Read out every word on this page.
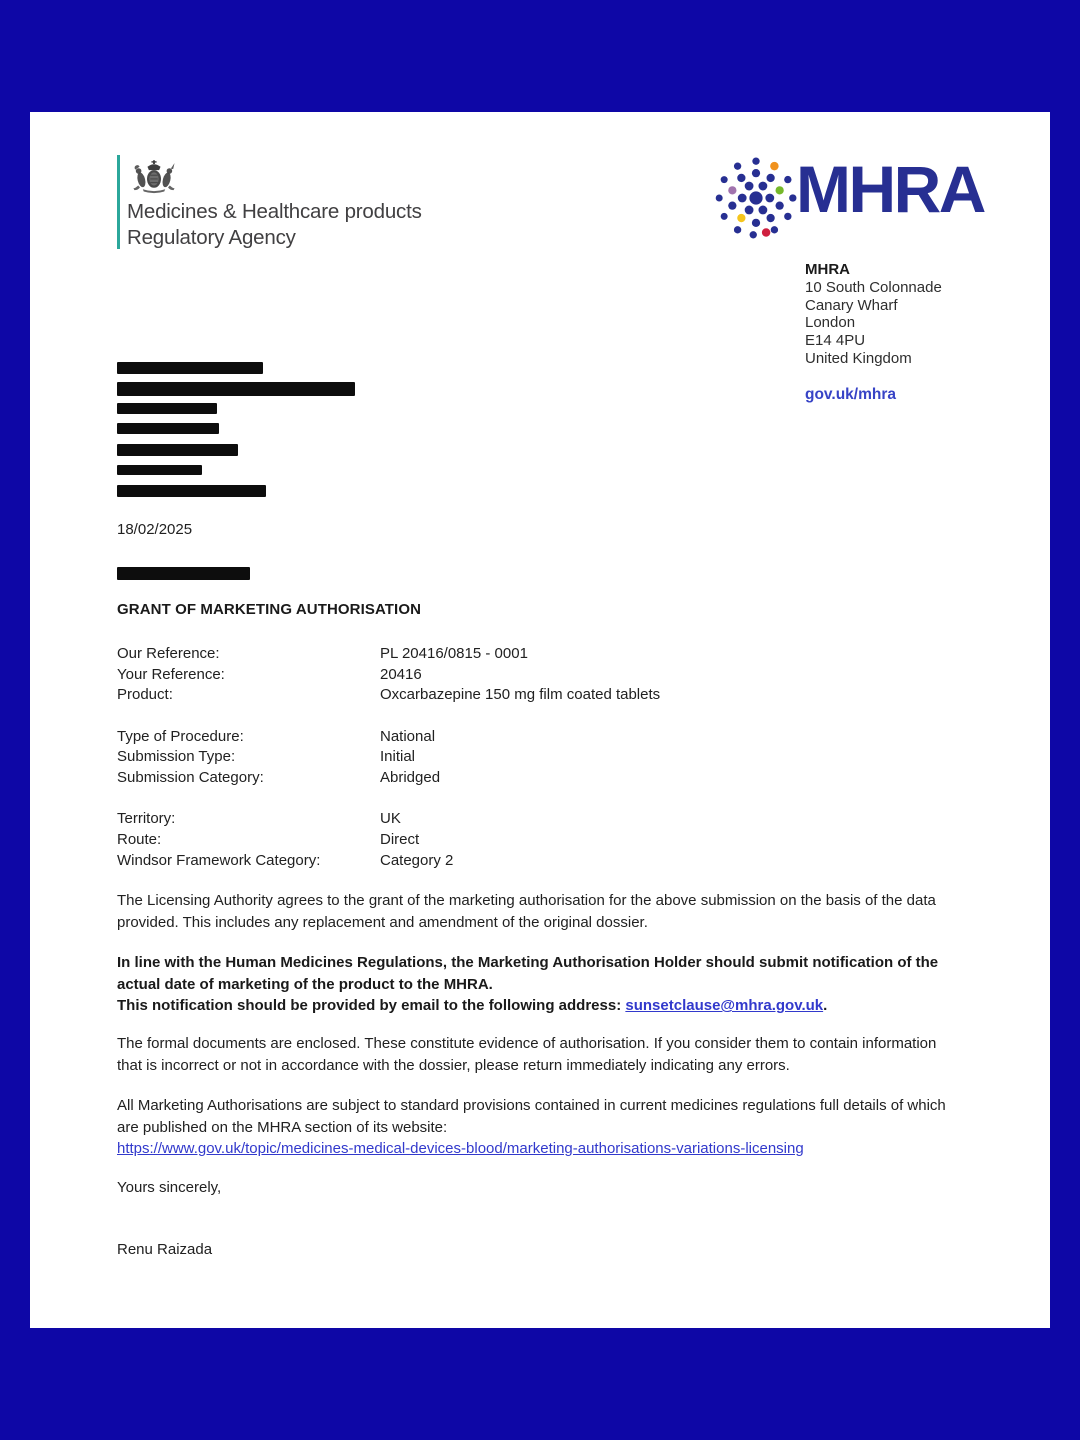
Medicines & Healthcare products
Regulatory Agency
MHRA
MHRA
10 South Colonnade
Canary Wharf
London
E14 4PU
United Kingdom
gov.uk/mhra
18/02/2025
GRANT OF MARKETING AUTHORISATION
Our Reference:	PL 20416/0815 - 0001
Your Reference:	20416
Product:	Oxcarbazepine 150 mg film coated tablets
Type of Procedure:	National
Submission Type:	Initial
Submission Category:	Abridged
Territory:	UK
Route:	Direct
Windsor Framework Category:	Category 2
The Licensing Authority agrees to the grant of the marketing authorisation for the above submission on the basis of the data provided. This includes any replacement and amendment of the original dossier.
In line with the Human Medicines Regulations, the Marketing Authorisation Holder should submit notification of the actual date of marketing of the product to the MHRA.
This notification should be provided by email to the following address: sunsetclause@mhra.gov.uk.
The formal documents are enclosed. These constitute evidence of authorisation. If you consider them to contain information that is incorrect or not in accordance with the dossier, please return immediately indicating any errors.
All Marketing Authorisations are subject to standard provisions contained in current medicines regulations full details of which are published on the MHRA section of its website:
https://www.gov.uk/topic/medicines-medical-devices-blood/marketing-authorisations-variations-licensing
Yours sincerely,
Renu Raizada
